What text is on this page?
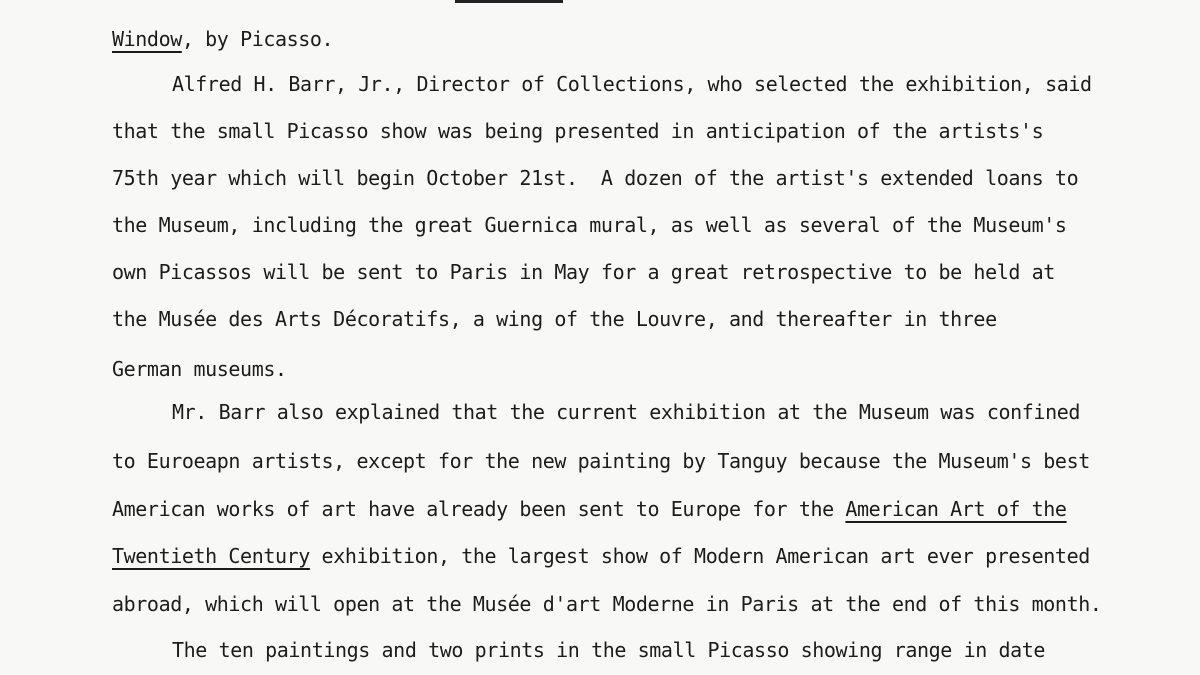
Window, by Picasso.
Alfred H. Barr, Jr., Director of Collections, who selected the exhibition, said
that the small Picasso show was being presented in anticipation of the artists's
75th year which will begin October 21st.  A dozen of the artist's extended loans to
the Museum, including the great Guernica mural, as well as several of the Museum's
own Picassos will be sent to Paris in May for a great retrospective to be held at
the Musée des Arts Décoratifs, a wing of the Louvre, and thereafter in three
German museums.
Mr. Barr also explained that the current exhibition at the Museum was confined
to Euroeapn artists, except for the new painting by Tanguy because the Museum's best
American works of art have already been sent to Europe for the American Art of the
Twentieth Century exhibition, the largest show of Modern American art ever presented
abroad, which will open at the Musée d'art Moderne in Paris at the end of this month.
The ten paintings and two prints in the small Picasso showing range in date
